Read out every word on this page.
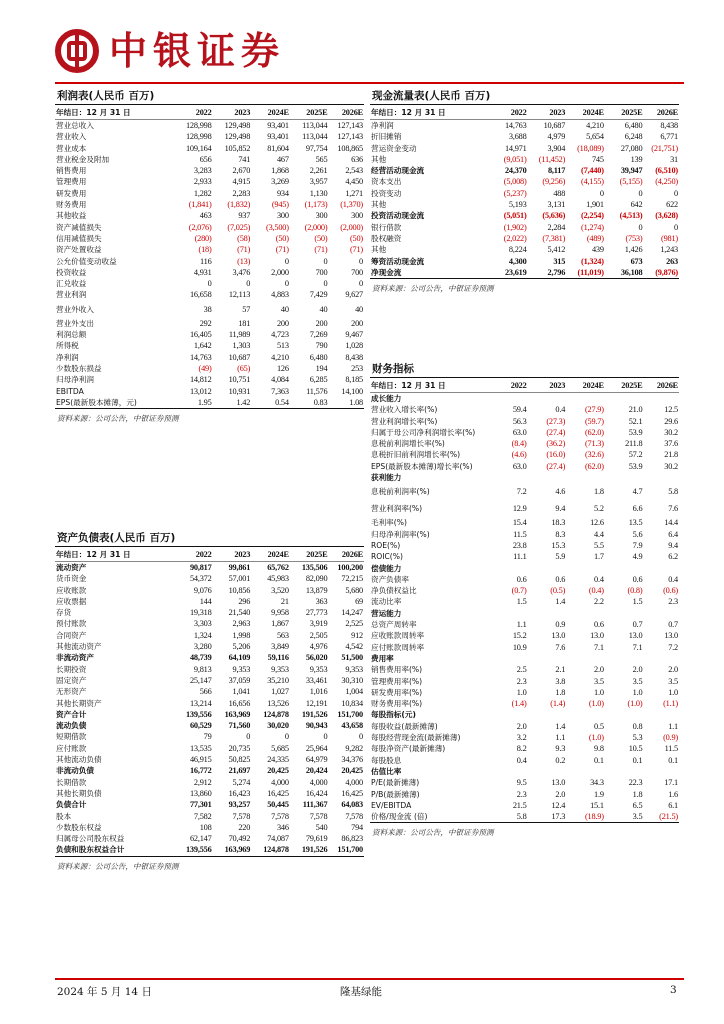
中银证券
利润表(人民币 百万)
年结日：12 月 31 日	2022	2023	2024E	2025E	2026E
营业总收入	128,998	129,498	93,401	113,044	127,143
营业收入	128,998	129,498	93,401	113,044	127,143
营业成本	109,164	105,852	81,604	97,754	108,865
营业税金及附加	656	741	467	565	636
销售费用	3,283	2,670	1,868	2,261	2,543
管理费用	2,933	4,915	3,269	3,957	4,450
研发费用	1,282	2,283	934	1,130	1,271
财务费用	(1,841)	(1,832)	(945)	(1,173)	(1,370)
其他收益	463	937	300	300	300
资产减值损失	(2,076)	(7,025)	(3,500)	(2,000)	(2,000)
信用减值损失	(280)	(58)	(50)	(50)	(50)
资产处置收益	(18)	(71)	(71)	(71)	(71)
公允价值变动收益	116	(13)	0	0	0
投资收益	4,931	3,476	2,000	700	700
汇兑收益	0	0	0	0	0
营业利润	16,658	12,113	4,883	7,429	9,627
营业外收入	38	57	40	40	40
营业外支出	292	181	200	200	200
利润总额	16,405	11,989	4,723	7,269	9,467
所得税	1,642	1,303	513	790	1,028
净利润	14,763	10,687	4,210	6,480	8,438
少数股东损益	(49)	(65)	126	194	253
归母净利润	14,812	10,751	4,084	6,285	8,185
EBITDA	13,012	10,931	7,363	11,576	14,100
EPS(最新股本摊薄，元)	1.95	1.42	0.54	0.83	1.08
资料来源：公司公告，中银证券预测
资产负债表(人民币 百万)
年结日：12 月 31 日	2022	2023	2024E	2025E	2026E
流动资产	90,817	99,861	65,762	135,506	100,200
货币资金	54,372	57,001	45,983	82,090	72,215
应收账款	9,076	10,856	3,520	13,879	5,680
应收票据	144	296	21	363	69
存货	19,318	21,540	9,958	27,773	14,247
预付账款	3,303	2,963	1,867	3,919	2,525
合同资产	1,324	1,998	563	2,505	912
其他流动资产	3,280	5,206	3,849	4,976	4,542
非流动资产	48,739	64,109	59,116	56,020	51,500
长期投资	9,813	9,353	9,353	9,353	9,353
固定资产	25,147	37,059	35,210	33,461	30,310
无形资产	566	1,041	1,027	1,016	1,004
其他长期资产	13,214	16,656	13,526	12,191	10,834
资产合计	139,556	163,969	124,878	191,526	151,700
流动负债	60,529	71,560	30,020	90,943	43,658
短期借款	79	0	0	0	0
应付账款	13,535	20,735	5,685	25,964	9,282
其他流动负债	46,915	50,825	24,335	64,979	34,376
非流动负债	16,772	21,697	20,425	20,424	20,425
长期借款	2,912	5,274	4,000	4,000	4,000
其他长期负债	13,860	16,423	16,425	16,424	16,425
负债合计	77,301	93,257	50,445	111,367	64,083
股本	7,582	7,578	7,578	7,578	7,578
少数股东权益	108	220	346	540	794
归属母公司股东权益	62,147	70,492	74,087	79,619	86,823
负债和股东权益合计	139,556	163,969	124,878	191,526	151,700
资料来源：公司公告，中银证券预测
现金流量表(人民币 百万)
年结日：12 月 31 日	2022	2023	2024E	2025E	2026E
净利润	14,763	10,687	4,210	6,480	8,438
折旧摊销	3,688	4,979	5,654	6,248	6,771
营运资金变动	14,971	3,904	(18,089)	27,080	(21,751)
其他	(9,051)	(11,452)	745	139	31
经营活动现金流	24,370	8,117	(7,440)	39,947	(6,510)
资本支出	(5,008)	(9,256)	(4,155)	(5,155)	(4,250)
投资变动	(5,237)	488	0	0	0
其他	5,193	3,131	1,901	642	622
投资活动现金流	(5,051)	(5,636)	(2,254)	(4,513)	(3,628)
银行借款	(1,902)	2,284	(1,274)	0	0
股权融资	(2,022)	(7,381)	(489)	(753)	(981)
其他	8,224	5,412	439	1,426	1,243
筹资活动现金流	4,300	315	(1,324)	673	263
净现金流	23,619	2,796	(11,019)	36,108	(9,876)
资料来源：公司公告，中银证券预测
财务指标
年结日：12 月 31 日	2022	2023	2024E	2025E	2026E
成长能力					
营业收入增长率(%)	59.4	0.4	(27.9)	21.0	12.5
营业利润增长率(%)	56.3	(27.3)	(59.7)	52.1	29.6
归属于母公司净利润增长率(%)	63.0	(27.4)	(62.0)	53.9	30.2
息税前利润增长率(%)	(8.4)	(36.2)	(71.3)	211.8	37.6
息税折旧前利润增长率(%)	(4.6)	(16.0)	(32.6)	57.2	21.8
EPS(最新股本摊薄)增长率(%)	63.0	(27.4)	(62.0)	53.9	30.2
获利能力					
息税前利润率(%)	7.2	4.6	1.8	4.7	5.8
营业利润率(%)	12.9	9.4	5.2	6.6	7.6
毛利率(%)	15.4	18.3	12.6	13.5	14.4
归母净利润率(%)	11.5	8.3	4.4	5.6	6.4
ROE(%)	23.8	15.3	5.5	7.9	9.4
ROIC(%)	11.1	5.9	1.7	4.9	6.2
偿债能力					
资产负债率	0.6	0.6	0.4	0.6	0.4
净负债权益比	(0.7)	(0.5)	(0.4)	(0.8)	(0.6)
流动比率	1.5	1.4	2.2	1.5	2.3
营运能力					
总资产周转率	1.1	0.9	0.6	0.7	0.7
应收账款周转率	15.2	13.0	13.0	13.0	13.0
应付账款周转率	10.9	7.6	7.1	7.1	7.2
费用率					
销售费用率(%)	2.5	2.1	2.0	2.0	2.0
管理费用率(%)	2.3	3.8	3.5	3.5	3.5
研发费用率(%)	1.0	1.8	1.0	1.0	1.0
财务费用率(%)	(1.4)	(1.4)	(1.0)	(1.0)	(1.1)
每股指标(元)					
每股收益(最新摊薄)	2.0	1.4	0.5	0.8	1.1
每股经营现金流(最新摊薄)	3.2	1.1	(1.0)	5.3	(0.9)
每股净资产(最新摊薄)	8.2	9.3	9.8	10.5	11.5
每股股息	0.4	0.2	0.1	0.1	0.1
估值比率					
P/E(最新摊薄)	9.5	13.0	34.3	22.3	17.1
P/B(最新摊薄)	2.3	2.0	1.9	1.8	1.6
EV/EBITDA	21.5	12.4	15.1	6.5	6.1
价格/现金流 (倍)	5.8	17.3	(18.9)	3.5	(21.5)
资料来源：公司公告，中银证券预测
2024 年 5 月 14 日	隆基绿能	3
